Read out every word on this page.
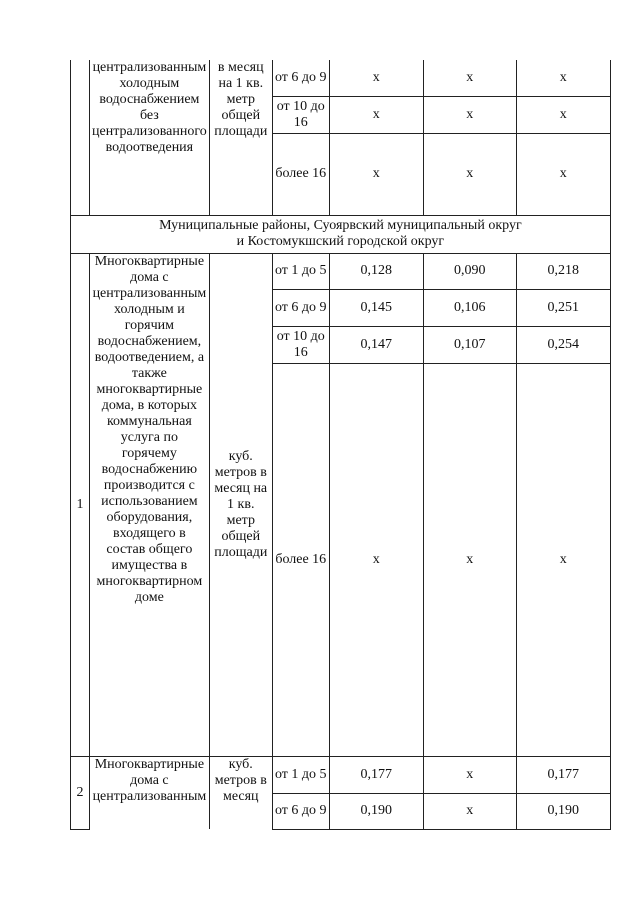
	централизованным холодным водоснабжением без централизованного водоотведения	в месяц на 1 кв. метр общей площади	от 6 до 9	x	x	x
			от 10 до 16	x	x	x
			более 16	x	x	x
Муниципальные районы, Суоярвский муниципальный округ
и Костомукшский городской округ						
1	Многоквартирные дома с централизованным холодным и горячим водоснабжением, водоотведением, а также многоквартирные дома, в которых коммунальная услуга по горячему водоснабжению производится с использованием оборудования, входящего в состав общего имущества в многоквартирном доме	куб. метров в месяц на 1 кв. метр общей площади	от 1 до 5	0,128	0,090	0,218
			от 6 до 9	0,145	0,106	0,251
			от 10 до 16	0,147	0,107	0,254
			более 16	x	x	x
2	Многоквартирные дома с централизованным	куб. метров в месяц	от 1 до 5	0,177	x	0,177
			от 6 до 9	0,190	x	0,190
